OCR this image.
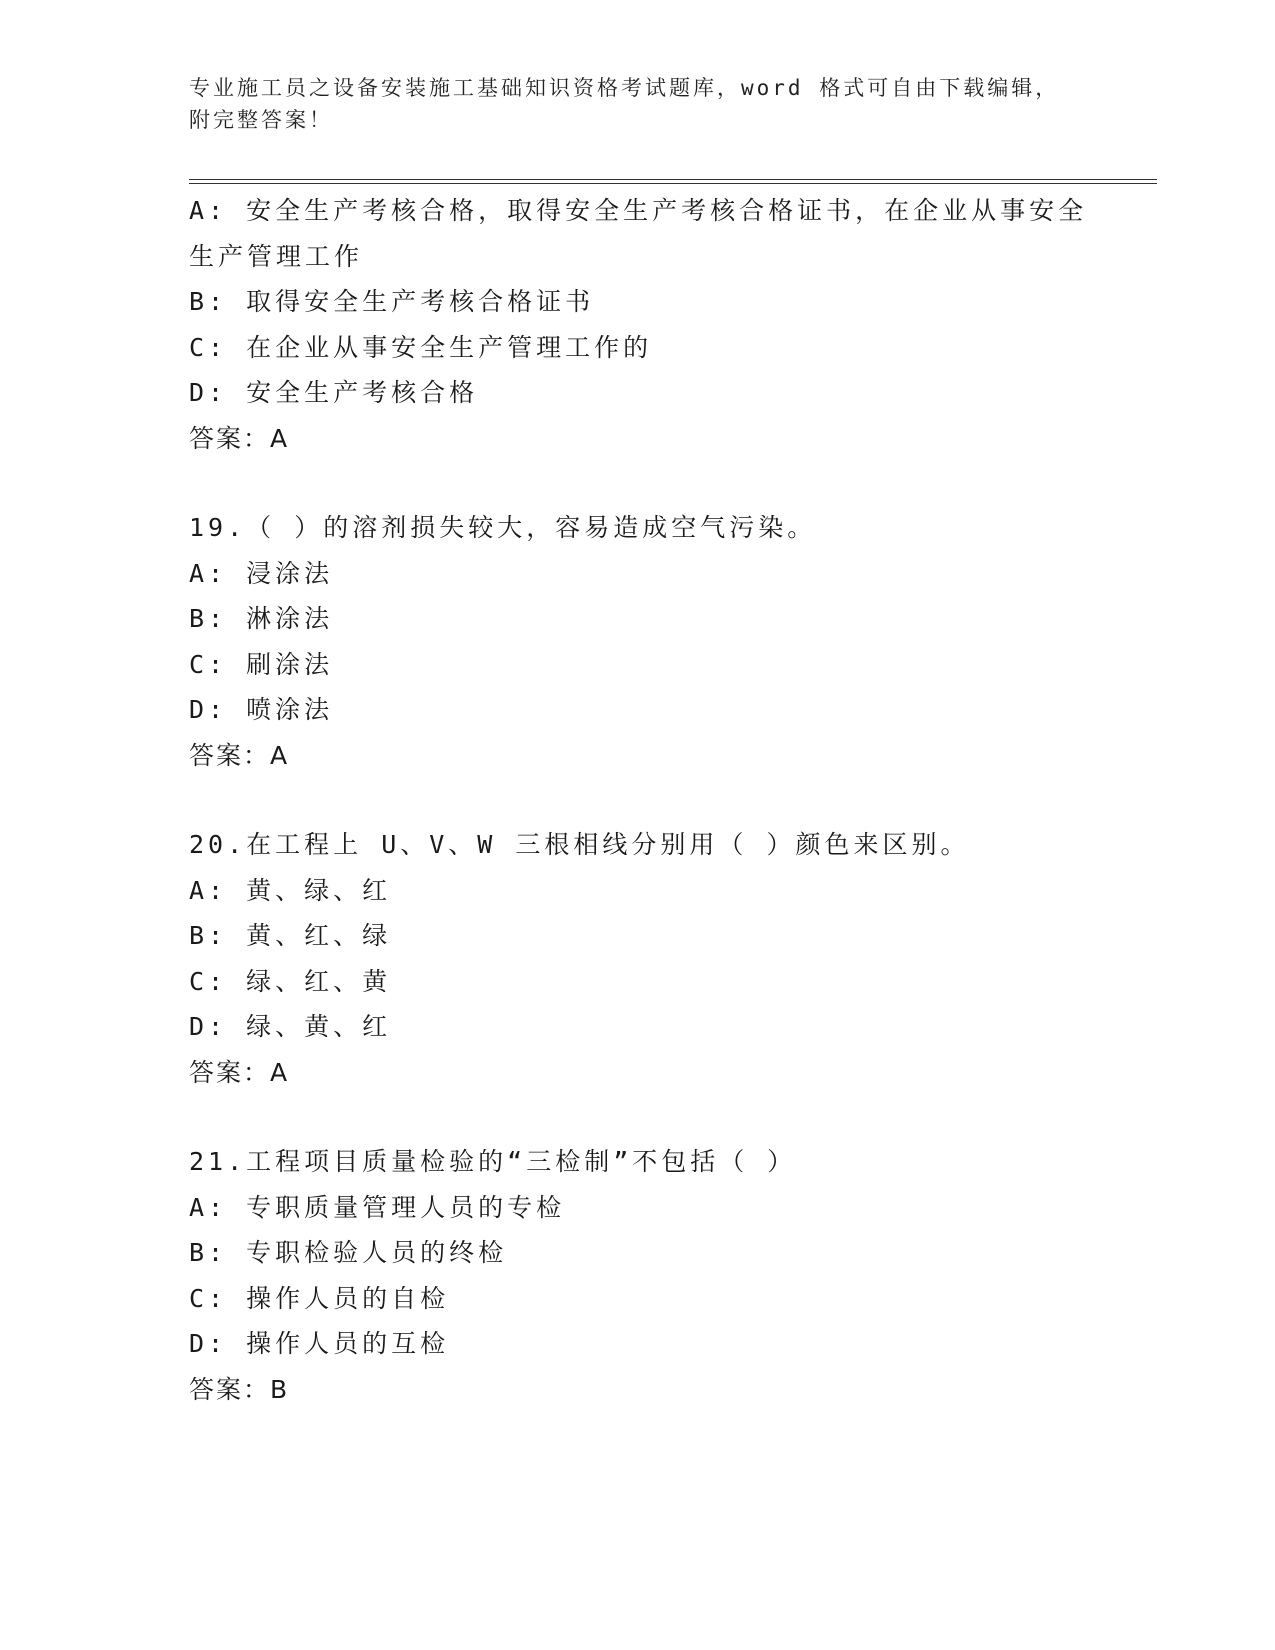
专业施工员之设备安装施工基础知识资格考试题库，word 格式可自由下载编辑，
附完整答案！
A: 安全生产考核合格，取得安全生产考核合格证书，在企业从事安全
生产管理工作
B: 取得安全生产考核合格证书
C: 在企业从事安全生产管理工作的
D: 安全生产考核合格
答案：A
19.（ ）的溶剂损失较大，容易造成空气污染。
A: 浸涂法
B: 淋涂法
C: 刷涂法
D: 喷涂法
答案：A
20.在工程上 U、V、W 三根相线分别用（ ）颜色来区别。
A: 黄、绿、红
B: 黄、红、绿
C: 绿、红、黄
D: 绿、黄、红
答案：A
21.工程项目质量检验的“三检制”不包括（ ）
A: 专职质量管理人员的专检
B: 专职检验人员的终检
C: 操作人员的自检
D: 操作人员的互检
答案：B
